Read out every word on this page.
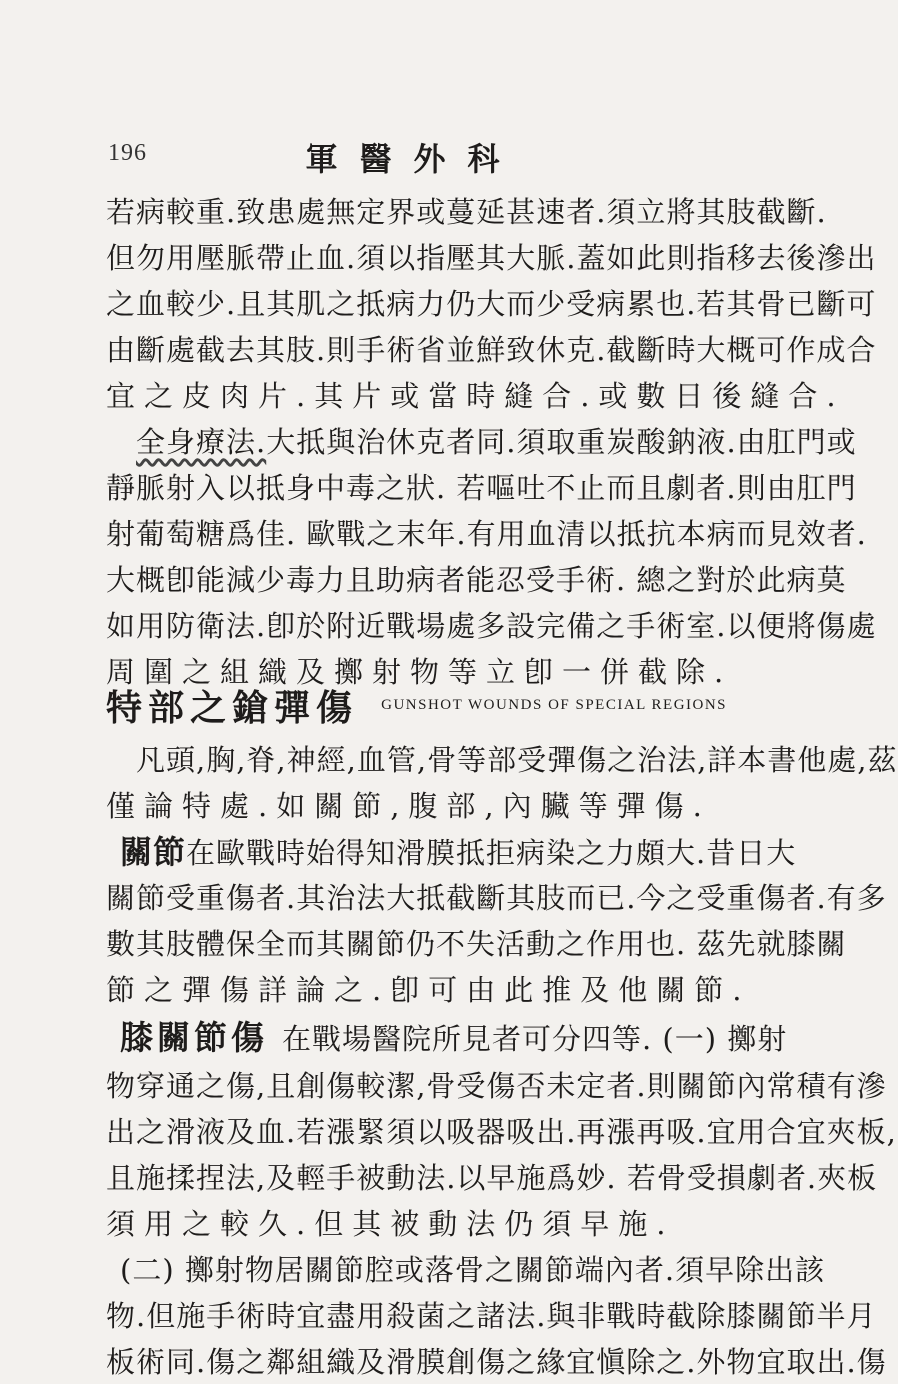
196	軍醫外科
若病較重.致患處無定界或蔓延甚速者.須立將其肢截斷.
但勿用壓脈帶止血.須以指壓其大脈.蓋如此則指移去後滲出
之血較少.且其肌之抵病力仍大而少受病累也.若其骨已斷可
由斷處截去其肢.則手術省並鮮致休克.截斷時大概可作成合
宜之皮肉片.其片或當時縫合.或數日後縫合.
全身療法.大抵與治休克者同.須取重炭酸鈉液.由肛門或
靜脈射入以抵身中毒之狀. 若嘔吐不止而且劇者.則由肛門
射葡萄糖爲佳. 歐戰之末年.有用血清以抵抗本病而見效者.
大概卽能減少毒力且助病者能忍受手術. 總之對於此病莫
如用防衛法.卽於附近戰場處多設完備之手術室.以便將傷處
周圍之組織及擲射物等立卽一併截除.
特部之鎗彈傷 GUNSHOT WOUNDS OF SPECIAL REGIONS
凡頭,胸,脊,神經,血管,骨等部受彈傷之治法,詳本書他處,茲
僅論特處.如關節,腹部,內臟等彈傷.
關節在歐戰時始得知滑膜抵拒病染之力頗大.昔日大
關節受重傷者.其治法大抵截斷其肢而已.今之受重傷者.有多
數其肢體保全而其關節仍不失活動之作用也. 茲先就膝關
節之彈傷詳論之.卽可由此推及他關節.
膝關節傷 在戰場醫院所見者可分四等. (一) 擲射
物穿通之傷,且創傷較潔,骨受傷否未定者.則關節內常積有滲
出之滑液及血.若漲緊須以吸器吸出.再漲再吸.宜用合宜夾板,
且施揉捏法,及輕手被動法.以早施爲妙. 若骨受損劇者.夾板
須用之較久.但其被動法仍須早施.
(二) 擲射物居關節腔或落骨之關節端內者.須早除出該
物.但施手術時宜盡用殺菌之諸法.與非戰時截除膝關節半月
板術同.傷之鄰組織及滑膜創傷之緣宜愼除之.外物宜取出.傷
